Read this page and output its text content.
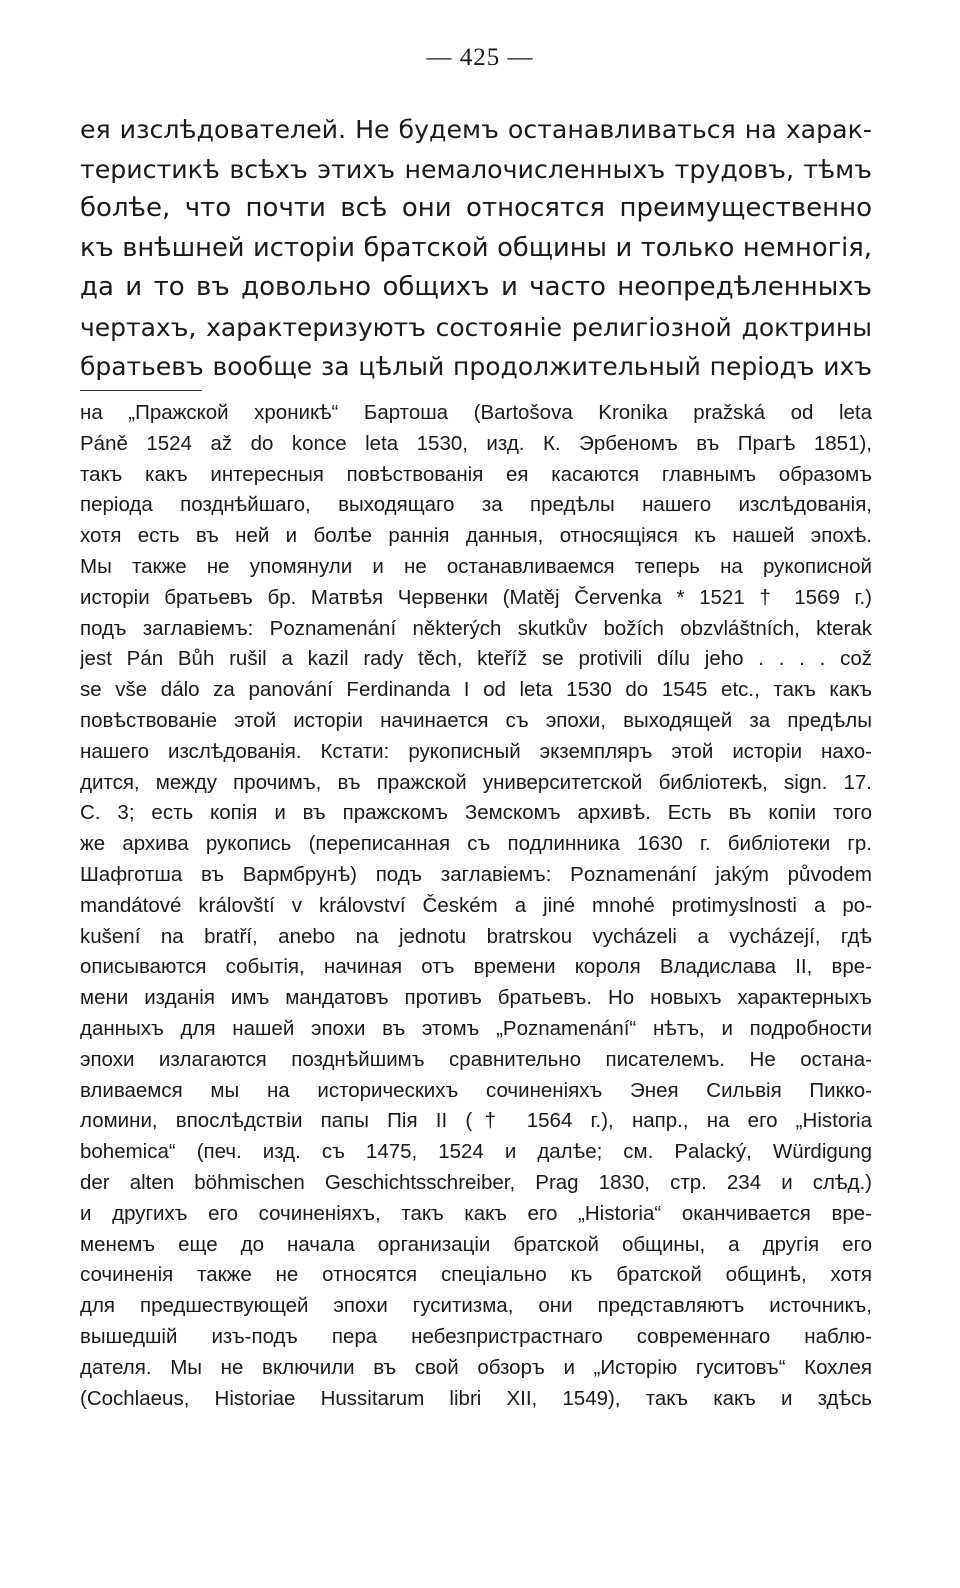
— 425 —
ея изслѣдователей. Не будемъ останавливаться на харак-
теристикѣ всѣхъ этихъ немалочисленныхъ трудовъ, тѣмъ
болѣе, что почти всѣ они относятся преимущественно
къ внѣшней исторіи братской общины и только немногія,
да и то въ довольно общихъ и часто неопредѣленныхъ
чертахъ, характеризуютъ состояніе религіозной доктрины
братьевъ вообще за цѣлый продолжительный періодъ ихъ
на „Пражской хроникѣ“ Бартоша (Bartošova Kronika pražská od leta
Páně 1524 až do konce leta 1530, изд. К. Эрбеномъ въ Прагѣ 1851),
такъ какъ интересныя повѣствованія ея касаются главнымъ образомъ
періода позднѣйшаго, выходящаго за предѣлы нашего изслѣдованія,
хотя есть въ ней и болѣе раннія данныя, относящіяся къ нашей эпохѣ.
Мы также не упомянули и не останавливаемся теперь на рукописной
исторіи братьевъ бр. Матвѣя Червенки (Matěj Červenka * 1521 † 1569 г.)
подъ заглавіемъ: Poznamenání některých skutkův božích obzvláštních, kterak
jest Pán Bůh rušil a kazil rady těch, kteříž se protivili dílu jeho . . . . což
se vše dálo za panování Ferdinanda I od leta 1530 do 1545 etc., такъ какъ
повѣствованіе этой исторіи начинается съ эпохи, выходящей за предѣлы
нашего изслѣдованія. Кстати: рукописный экземпляръ этой исторіи нахо-
дится, между прочимъ, въ пражской университетской библіотекѣ, sign. 17.
C. 3; есть копія и въ пражскомъ Земскомъ архивѣ. Есть въ копіи того
же архива рукопись (переписанная съ подлинника 1630 г. библіотеки гр.
Шафготша въ Вармбрунѣ) подъ заглавіемъ: Poznamenání jakým původem
mandátové královští v království Českém a jiné mnohé protimyslnosti a po-
kušení na bratří, anebo na jednotu bratrskou vycházeli a vycházejí, гдѣ
описываются событія, начиная отъ времени короля Владислава II, вре-
мени изданія имъ мандатовъ противъ братьевъ. Но новыхъ характерныхъ
данныхъ для нашей эпохи въ этомъ „Poznamenání“ нѣтъ, и подробности
эпохи излагаются позднѣйшимъ сравнительно писателемъ. Не остана-
вливаемся мы на историческихъ сочиненіяхъ Энея Сильвія Пикко-
ломини, впослѣдствіи папы Пія II († 1564 г.), напр., на его „Historia
bohemica“ (печ. изд. съ 1475, 1524 и далѣе; см. Palacký, Würdigung
der alten böhmischen Geschichtsschreiber, Prag 1830, стр. 234 и слѣд.)
и другихъ его сочиненіяхъ, такъ какъ его „Historia“ оканчивается вре-
менемъ еще до начала организаціи братской общины, а другія его
сочиненія также не относятся спеціально къ братской общинѣ, хотя
для предшествующей эпохи гуситизма, они представляютъ источникъ,
вышедшій изъ-подъ пера небезпристрастнаго современнаго наблю-
дателя. Мы не включили въ свой обзоръ и „Исторію гуситовъ“ Кохлея
(Cochlaeus, Historiae Hussitarum libri XII, 1549), такъ какъ и здѣсь
